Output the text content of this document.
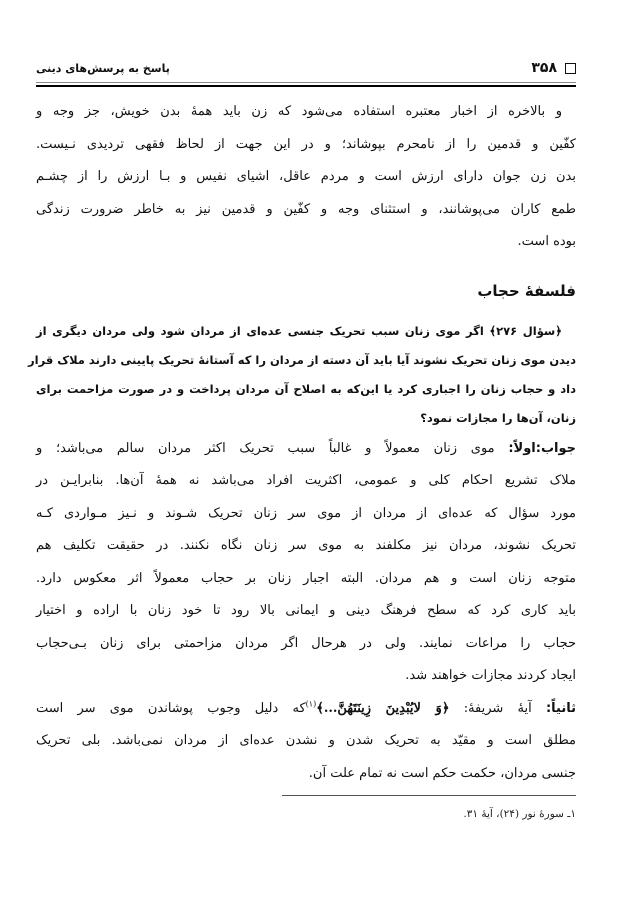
۳۵۸
پاسخ به پرسش‌های دینی

و بالاخره از اخبار معتبره استفاده می‌شود که زن باید همهٔ بدن خویش، جز وجه و
کفّین و قدمین را از نامحرم بپوشاند؛ و در این جهت از لحاظ فقهی تردیدی نـیست.
بدن زن جوان دارای ارزش است و مردم عاقل، اشیای نفیس و بـا ارزش را از چشـم
طمع کاران می‌پوشانند، و استثنای وجه و کفّین و قدمین نیز به خاطر ضرورت زندگی
بوده است.

فلسفهٔ حجاب

﴿سؤال ۲۷۶﴾ اگر موی زنان سبب تحریک جنسی عده‌ای از مردان شود ولی مردان دیگری از
دیدن موی زنان تحریک نشوند آیا باید آن دسته از مردان را که آستانهٔ تحریک پایینی دارند ملاک قرار
داد و حجاب زنان را اجباری کرد یا این‌که به اصلاح آن مردان پرداخت و در صورت مزاحمت برای
زنان، آن‌ها را مجازات نمود؟

جواب:اولاً: موی زنان معمولاً و غالباً سبب تحریک اکثر مردان سالم می‌باشد؛ و
ملاک تشریع احکام کلی و عمومی، اکثریت افراد می‌باشد نه همهٔ آن‌ها. بنابرایـن در
مورد سؤال که عده‌ای از مردان از موی سر زنان تحریک شـوند و نـیز مـواردی کـه
تحریک نشوند، مردان نیز مکلفند به موی سر زنان نگاه نکنند. در حقیقت تکلیف هم
متوجه زنان است و هم مردان. البته اجبار زنان بر حجاب معمولاً اثر معکوس دارد.
باید کاری کرد که سطح فرهنگ دینی و ایمانی بالا رود تا خود زنان با اراده و اختیار
حجاب را مراعات نمایند. ولی در هرحال اگر مردان مزاحمتی برای زنان بـی‌حجاب
ایجاد کردند مجازات خواهند شد.

ثانیاً: آیهٔ شریفهٔ: ﴿وَ لايُبْدِينَ زِينَتَهُنَّ...﴾$^{(۱)}$که دلیل وجوب پوشاندن موی سر است
مطلق است و مقیّد به تحریک شدن و نشدن عده‌ای از مردان نمی‌باشد. بلی تحریک
جنسی مردان، حکمت حکم است نه تمام علت آن.

۱ـ سورهٔ نور (۲۴)، آیهٔ ۳۱.
